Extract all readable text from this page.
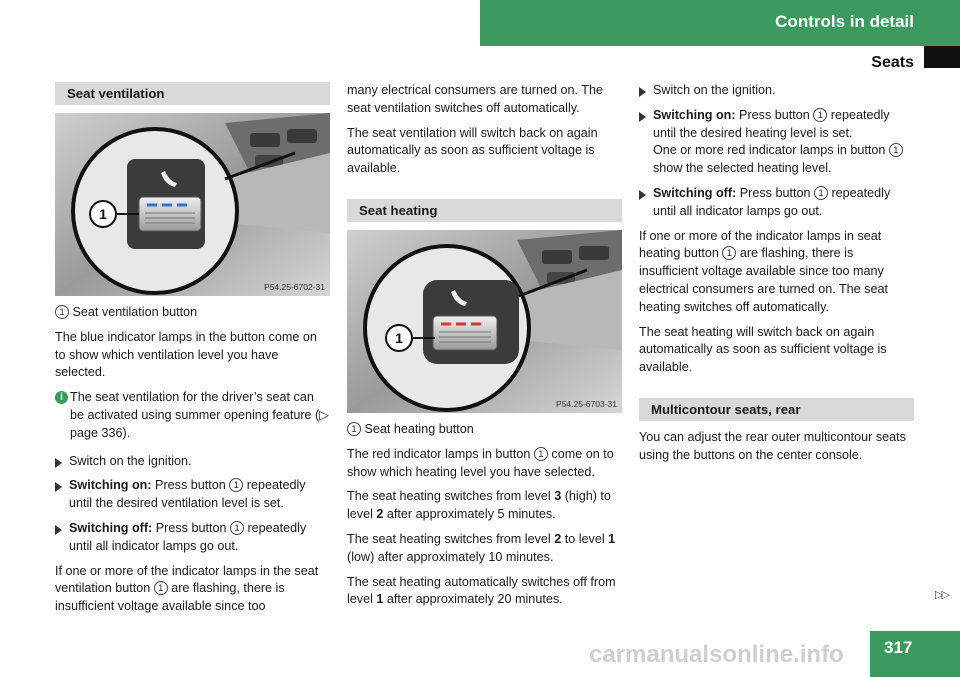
Controls in detail
Seats
Seat ventilation
1
P54.25-6702-31
1 Seat ventilation button

The blue indicator lamps in the button come on to show which ventilation level you have selected.

i The seat ventilation for the driver’s seat can be activated using summer opening feature (▷ page 336).
Switch on the ignition.
Switching on: Press button 1 repeatedly until the desired ventilation level is set.
Switching off: Press button 1 repeatedly until all indicator lamps go out.

If one or more of the indicator lamps in the seat ventilation button 1 are flashing, there is insufficient voltage available since too

many electrical consumers are turned on. The seat ventilation switches off automatically.

The seat ventilation will switch back on again automatically as soon as sufficient voltage is available.

Seat heating
1
P54.25-6703-31
1 Seat heating button

The red indicator lamps in button 1 come on to show which heating level you have selected.

The seat heating switches from level 3 (high) to level 2 after approximately 5 minutes.

The seat heating switches from level 2 to level 1 (low) after approximately 10 minutes.

The seat heating automatically switches off from level 1 after approximately 20 minutes.

Switch on the ignition.
Switching on: Press button 1 repeatedly until the desired heating level is set.
One or more red indicator lamps in button 1 show the selected heating level.
Switching off: Press button 1 repeatedly until all indicator lamps go out.

If one or more of the indicator lamps in seat heating button 1 are flashing, there is insufficient voltage available since too many electrical consumers are turned on. The seat heating switches off automatically.

The seat heating will switch back on again automatically as soon as sufficient voltage is available.

Multicontour seats, rear

You can adjust the rear outer multicontour seats using the buttons on the center console.

▷▷
317
carmanualsonline.info
